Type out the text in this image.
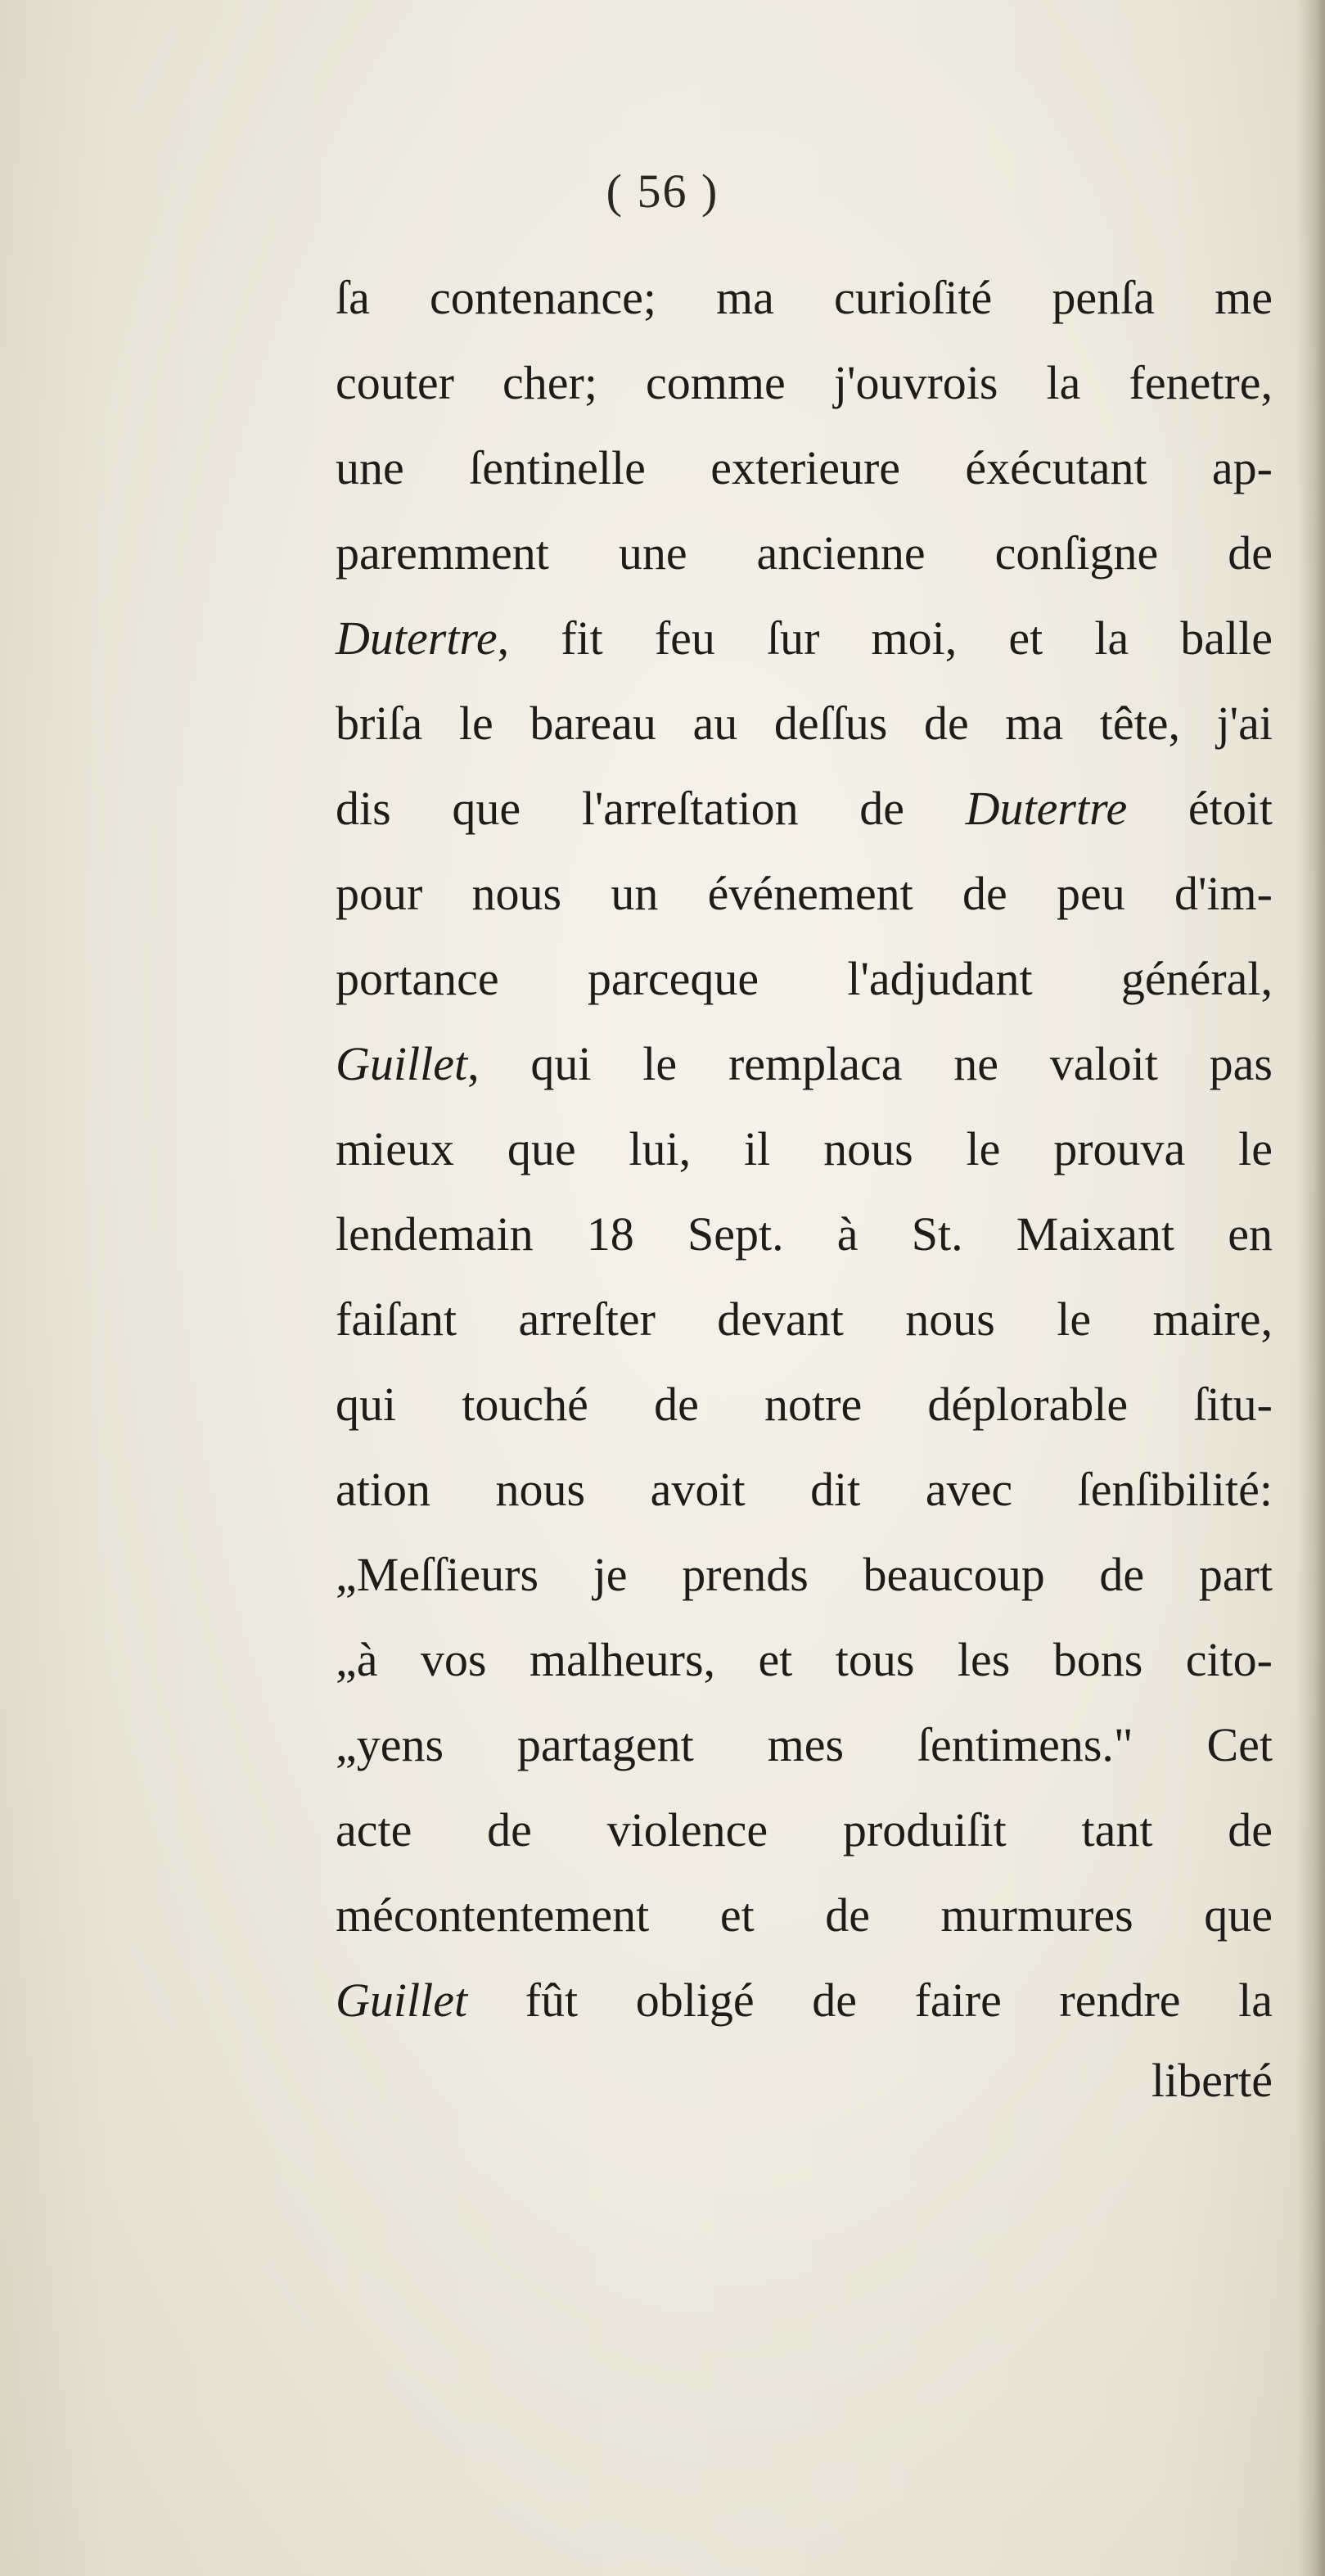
( 56 )
ſa contenance; ma curioſité penſa me
couter cher; comme j'ouvrois la fenetre,
une ſentinelle exterieure éxécutant ap-
paremment une ancienne conſigne de
Dutertre, fit feu ſur moi, et la balle
briſa le bareau au deſſus de ma tête, j'ai
dis que l'arreſtation de Dutertre étoit
pour nous un événement de peu d'im-
portance parceque l'adjudant général,
Guillet, qui le remplaca ne valoit pas
mieux que lui, il nous le prouva le
lendemain 18 Sept. à St. Maixant en
faiſant arreſter devant nous le maire,
qui touché de notre déplorable ſitu-
ation nous avoit dit avec ſenſibilité:
„Meſſieurs je prends beaucoup de part
„à vos malheurs, et tous les bons cito-
„yens partagent mes ſentimens." Cet
acte de violence produiſit tant de
mécontentement et de murmures que
Guillet fût obligé de faire rendre la
liberté
